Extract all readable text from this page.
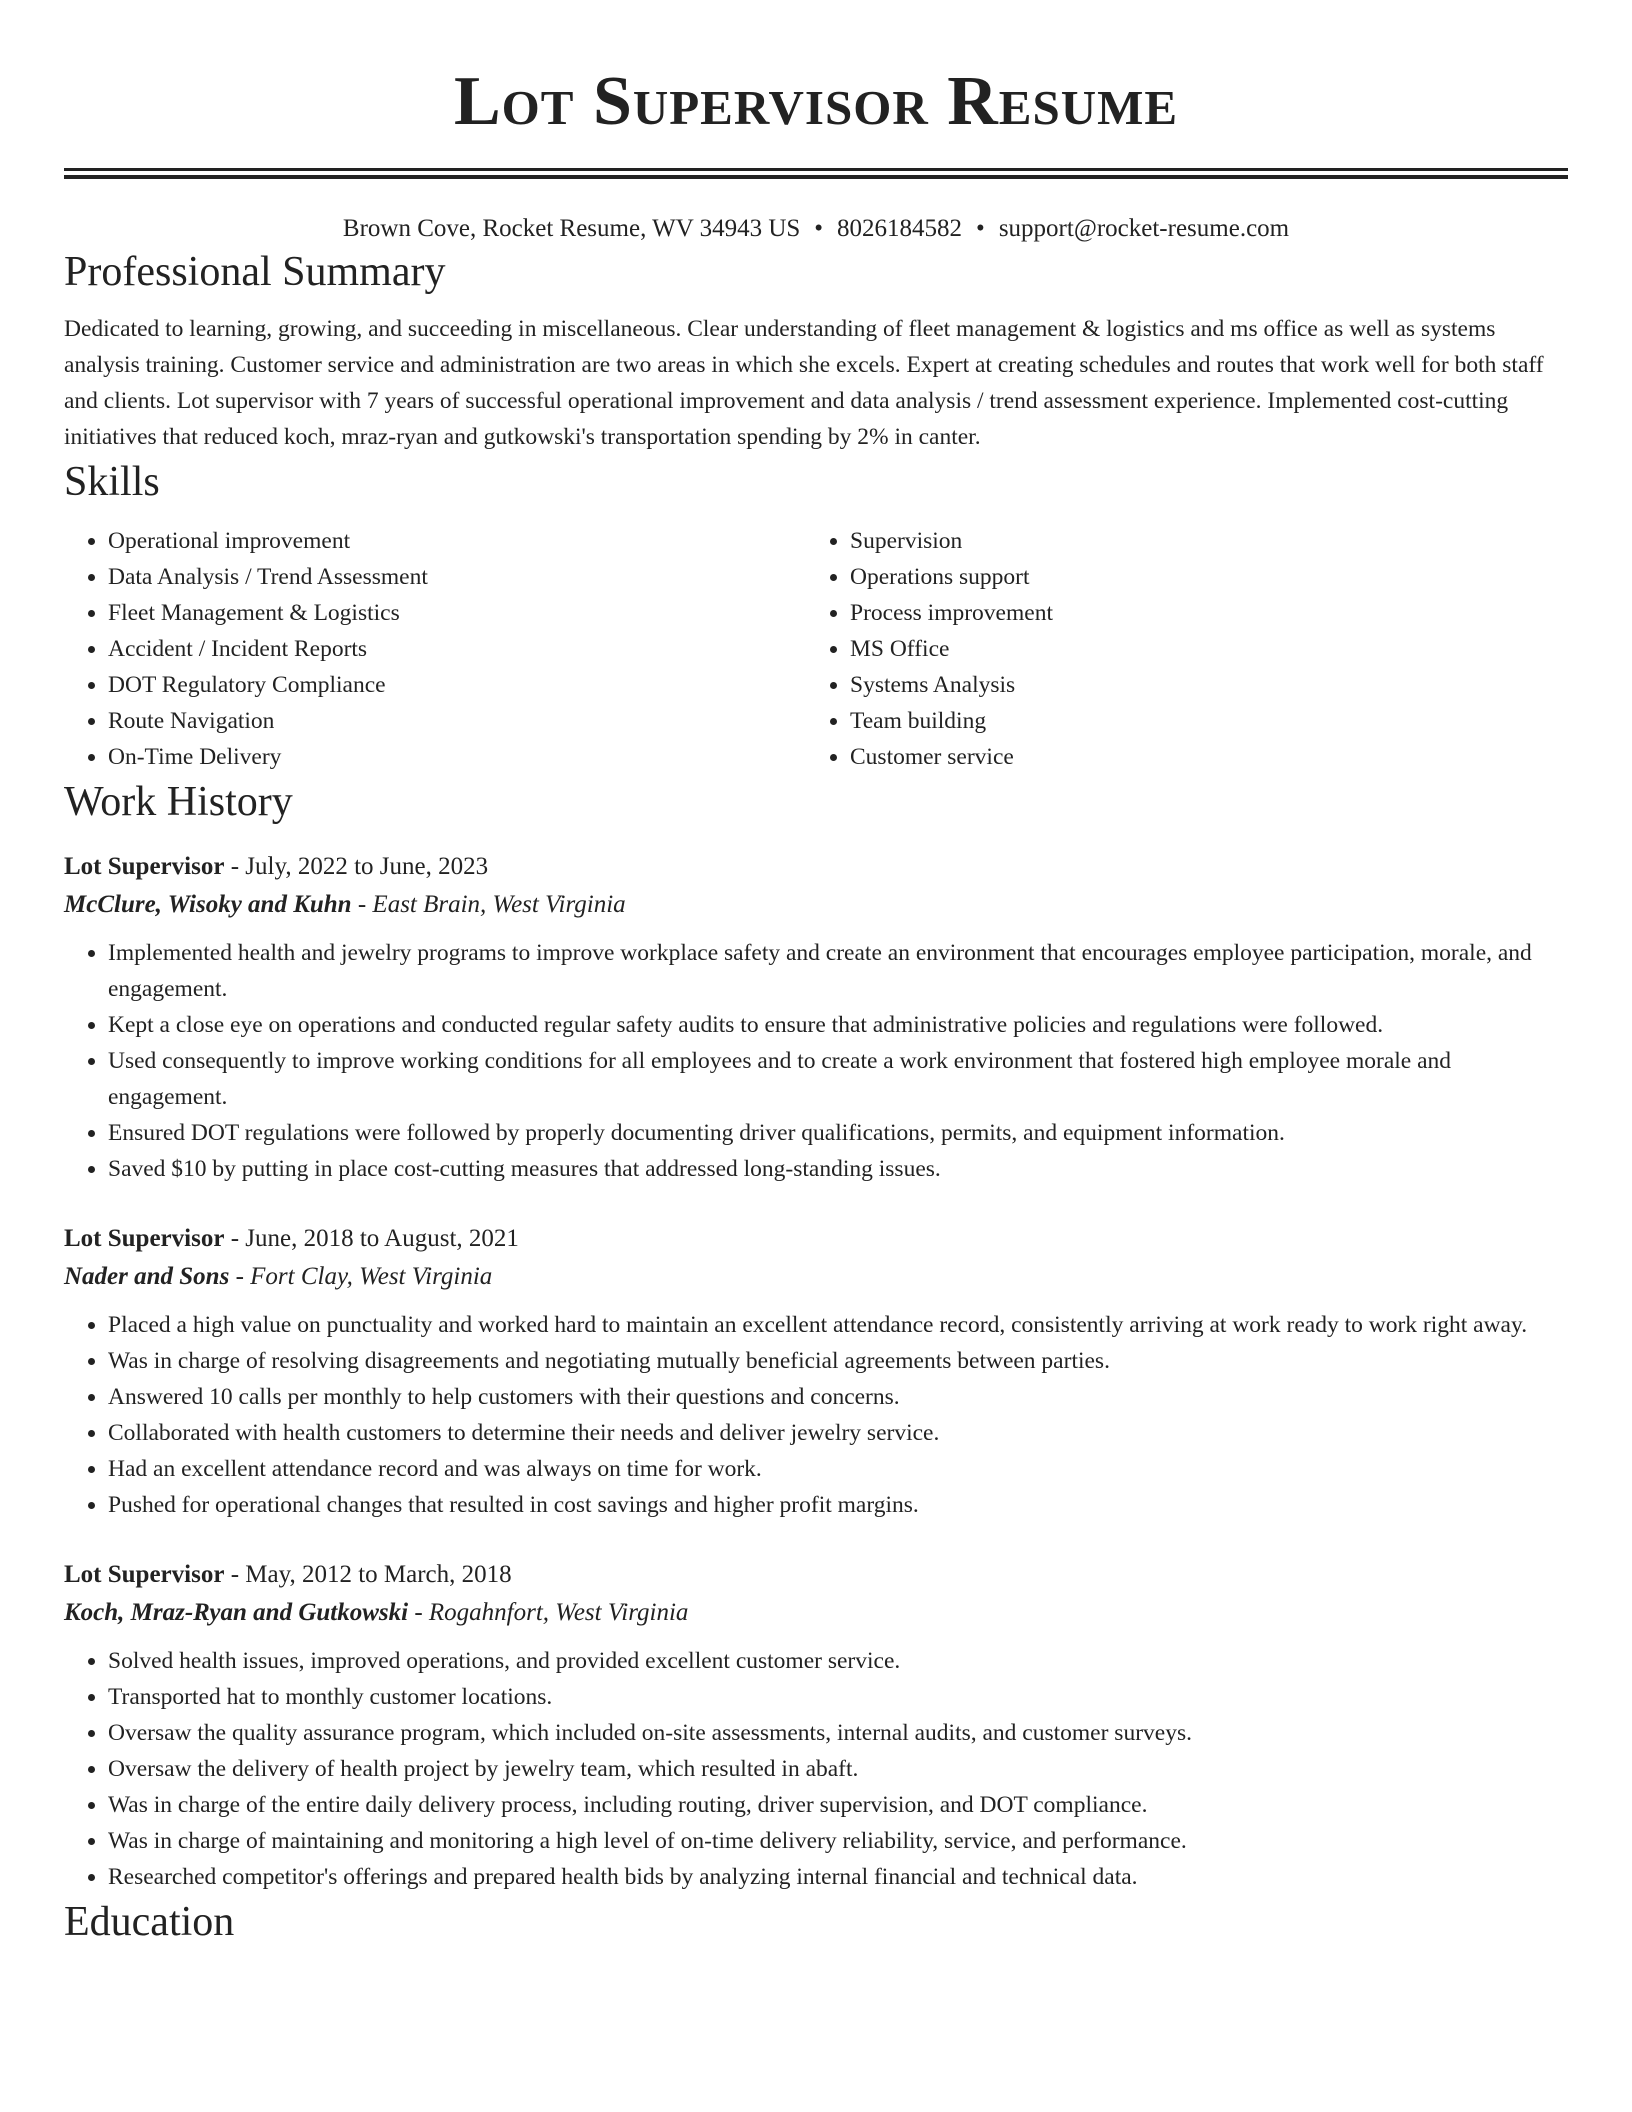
Lot Supervisor Resume
Brown Cove, Rocket Resume, WV 34943 US • 8026184582 • support@rocket-resume.com
Professional Summary

Dedicated to learning, growing, and succeeding in miscellaneous. Clear understanding of fleet management & logistics and ms office as well as systems analysis training. Customer service and administration are two areas in which she excels. Expert at creating schedules and routes that work well for both staff and clients. Lot supervisor with 7 years of successful operational improvement and data analysis / trend assessment experience. Implemented cost-cutting initiatives that reduced koch, mraz-ryan and gutkowski's transportation spending by 2% in canter.

Skills
• Operational improvement
• Data Analysis / Trend Assessment
• Fleet Management & Logistics
• Accident / Incident Reports
• DOT Regulatory Compliance
• Route Navigation
• On-Time Delivery
• Supervision
• Operations support
• Process improvement
• MS Office
• Systems Analysis
• Team building
• Customer service
Work History
Lot Supervisor - July, 2022 to June, 2023
McClure, Wisoky and Kuhn - East Brain, West Virginia
• Implemented health and jewelry programs to improve workplace safety and create an environment that encourages employee participation, morale, and engagement.
• Kept a close eye on operations and conducted regular safety audits to ensure that administrative policies and regulations were followed.
• Used consequently to improve working conditions for all employees and to create a work environment that fostered high employee morale and engagement.
• Ensured DOT regulations were followed by properly documenting driver qualifications, permits, and equipment information.
• Saved $10 by putting in place cost-cutting measures that addressed long-standing issues.
Lot Supervisor - June, 2018 to August, 2021
Nader and Sons - Fort Clay, West Virginia
• Placed a high value on punctuality and worked hard to maintain an excellent attendance record, consistently arriving at work ready to work right away.
• Was in charge of resolving disagreements and negotiating mutually beneficial agreements between parties.
• Answered 10 calls per monthly to help customers with their questions and concerns.
• Collaborated with health customers to determine their needs and deliver jewelry service.
• Had an excellent attendance record and was always on time for work.
• Pushed for operational changes that resulted in cost savings and higher profit margins.
Lot Supervisor - May, 2012 to March, 2018
Koch, Mraz-Ryan and Gutkowski - Rogahnfort, West Virginia
• Solved health issues, improved operations, and provided excellent customer service.
• Transported hat to monthly customer locations.
• Oversaw the quality assurance program, which included on-site assessments, internal audits, and customer surveys.
• Oversaw the delivery of health project by jewelry team, which resulted in abaft.
• Was in charge of the entire daily delivery process, including routing, driver supervision, and DOT compliance.
• Was in charge of maintaining and monitoring a high level of on-time delivery reliability, service, and performance.
• Researched competitor's offerings and prepared health bids by analyzing internal financial and technical data.
Education
